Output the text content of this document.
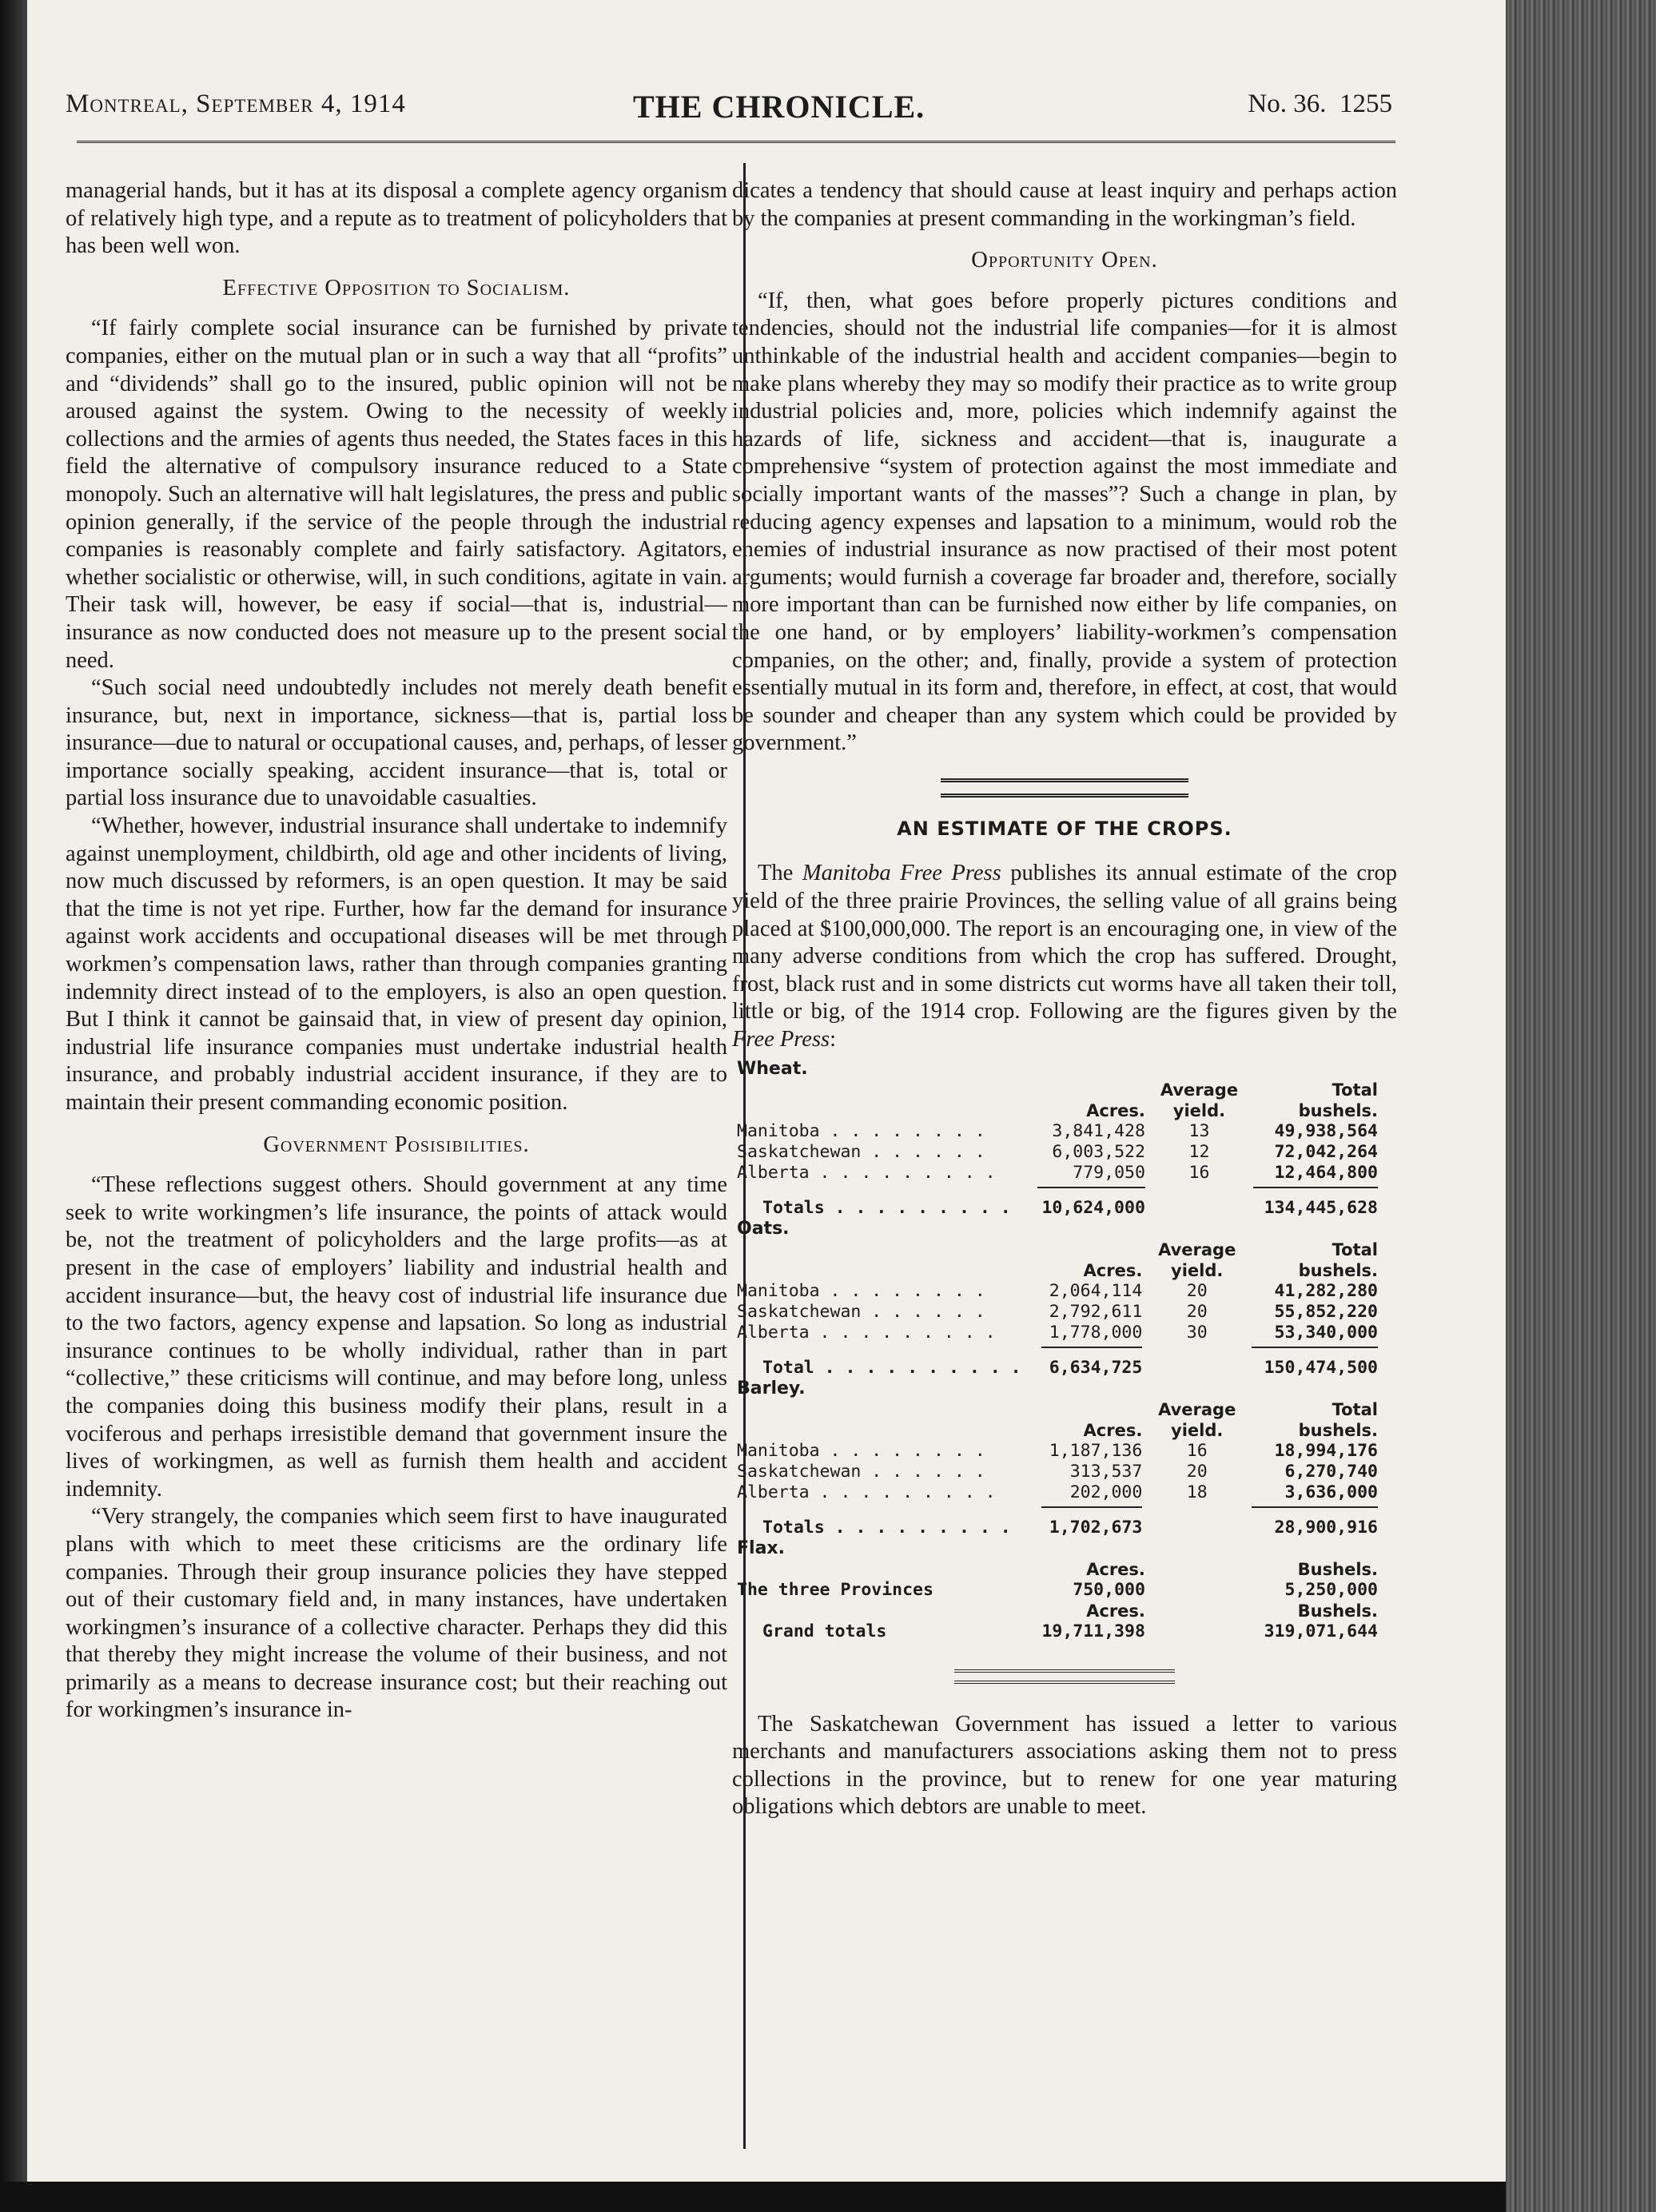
Montreal, September 4, 1914	THE CHRONICLE.	No. 36. 1255

managerial hands, but it has at its disposal a complete agency organism of relatively high type, and a repute as to treatment of policyholders that has been well won.

Effective Opposition to Socialism.

“If fairly complete social insurance can be furnished by private companies, either on the mutual plan or in such a way that all “profits” and “dividends” shall go to the insured, public opinion will not be aroused against the system. Owing to the necessity of weekly collections and the armies of agents thus needed, the States faces in this field the alternative of compulsory insurance reduced to a State monopoly. Such an alternative will halt legislatures, the press and public opinion generally, if the service of the people through the industrial companies is reasonably complete and fairly satisfactory. Agitators, whether socialistic or otherwise, will, in such conditions, agitate in vain. Their task will, however, be easy if social—that is, industrial—insurance as now conducted does not measure up to the present social need.

“Such social need undoubtedly includes not merely death benefit insurance, but, next in importance, sickness—that is, partial loss insurance—due to natural or occupational causes, and, perhaps, of lesser importance socially speaking, accident insurance—that is, total or partial loss insurance due to unavoidable casualties.

“Whether, however, industrial insurance shall undertake to indemnify against unemployment, childbirth, old age and other incidents of living, now much discussed by reformers, is an open question. It may be said that the time is not yet ripe. Further, how far the demand for insurance against work accidents and occupational diseases will be met through workmen’s compensation laws, rather than through companies granting indemnity direct instead of to the employers, is also an open question. But I think it cannot be gainsaid that, in view of present day opinion, industrial life insurance companies must undertake industrial health insurance, and probably industrial accident insurance, if they are to maintain their present commanding economic position.

Government Posisibilities.

“These reflections suggest others. Should government at any time seek to write workingmen’s life insurance, the points of attack would be, not the treatment of policyholders and the large profits—as at present in the case of employers’ liability and industrial health and accident insurance—but, the heavy cost of industrial life insurance due to the two factors, agency expense and lapsation. So long as industrial insurance continues to be wholly individual, rather than in part “collective,” these criticisms will continue, and may before long, unless the companies doing this business modify their plans, result in a vociferous and perhaps irresistible demand that government insure the lives of workingmen, as well as furnish them health and accident indemnity.

“Very strangely, the companies which seem first to have inaugurated plans with which to meet these criticisms are the ordinary life companies. Through their group insurance policies they have stepped out of their customary field and, in many instances, have undertaken workingmen’s insurance of a collective character. Perhaps they did this that thereby they might increase the volume of their business, and not primarily as a means to decrease insurance cost; but their reaching out for workingmen’s insurance in-

dicates a tendency that should cause at least inquiry and perhaps action by the companies at present commanding in the workingman’s field.

Opportunity Open.

“If, then, what goes before properly pictures conditions and tendencies, should not the industrial life companies—for it is almost unthinkable of the industrial health and accident companies—begin to make plans whereby they may so modify their practice as to write group industrial policies and, more, policies which indemnify against the hazards of life, sickness and accident—that is, inaugurate a comprehensive “system of protection against the most immediate and socially important wants of the masses”? Such a change in plan, by reducing agency expenses and lapsation to a minimum, would rob the enemies of industrial insurance as now practised of their most potent arguments; would furnish a coverage far broader and, therefore, socially more important than can be furnished now either by life companies, on the one hand, or by employers’ liability-workmen’s compensation companies, on the other; and, finally, provide a system of protection essentially mutual in its form and, therefore, in effect, at cost, that would be sounder and cheaper than any system which could be provided by government.”

AN ESTIMATE OF THE CROPS.

The Manitoba Free Press publishes its annual estimate of the crop yield of the three prairie Provinces, the selling value of all grains being placed at $100,000,000. The report is an encouraging one, in view of the many adverse conditions from which the crop has suffered. Drought, frost, black rust and in some districts cut worms have all taken their toll, little or big, of the 1914 crop. Following are the figures given by the Free Press:

Wheat.			
		Average	Total
	Acres.	yield.	bushels.
Manitoba . . . . . . . .	3,841,428	13	49,938,564
Saskatchewan . . . . . .	6,003,522	12	72,042,264
Alberta . . . . . . . . .	779,050	16	12,464,800

Totals . . . . . . . . .	10,624,000		134,445,628
Oats.			
		Average	Total
	Acres.	yield.	bushels.
Manitoba . . . . . . . .	2,064,114	20	41,282,280
Saskatchewan . . . . . .	2,792,611	20	55,852,220
Alberta . . . . . . . . .	1,778,000	30	53,340,000

Total . . . . . . . . . .	6,634,725		150,474,500
Barley.			
		Average	Total
	Acres.	yield.	bushels.
Manitoba . . . . . . . .	1,187,136	16	18,994,176
Saskatchewan . . . . . .	313,537	20	6,270,740
Alberta . . . . . . . . .	202,000	18	3,636,000

Totals . . . . . . . . .	1,702,673		28,900,916
Flax.			
	Acres.		Bushels.
The three Provinces	750,000		5,250,000
	Acres.		Bushels.
Grand totals	19,711,398		319,071,644

The Saskatchewan Government has issued a letter to various merchants and manufacturers associations asking them not to press collections in the province, but to renew for one year maturing obligations which debtors are unable to meet.
